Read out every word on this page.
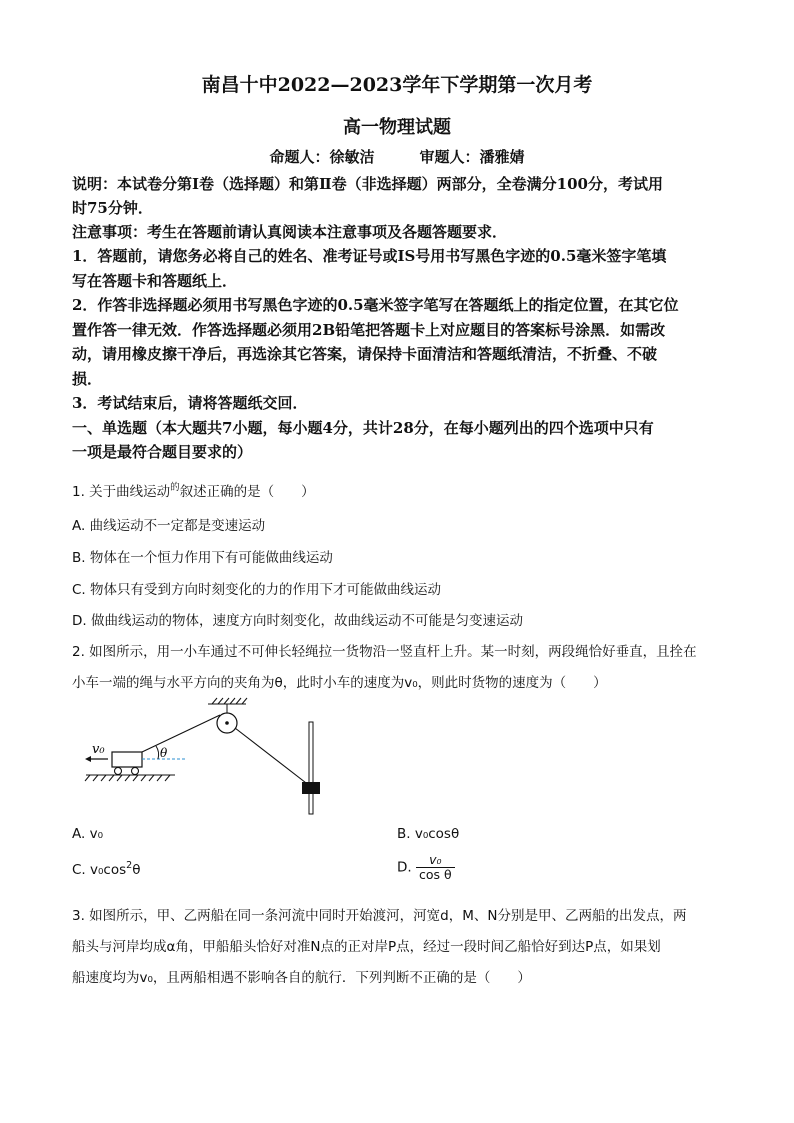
南昌十中2022—2023学年下学期第一次月考
高一物理试题
命题人：徐敏洁　　　审题人：潘雅婧
说明：本试卷分第Ⅰ卷（选择题）和第Ⅱ卷（非选择题）两部分，全卷满分100分，考试用
时75分钟．
注意事项：考生在答题前请认真阅读本注意事项及各题答题要求．
1．答题前，请您务必将自己的姓名、准考证号或IS号用书写黑色字迹的0.5毫米签字笔填
写在答题卡和答题纸上．
2．作答非选择题必须用书写黑色字迹的0.5毫米签字笔写在答题纸上的指定位置，在其它位
置作答一律无效．作答选择题必须用2B铅笔把答题卡上对应题目的答案标号涂黑．如需改
动，请用橡皮擦干净后，再选涂其它答案，请保持卡面清洁和答题纸清洁，不折叠、不破
损．
3．考试结束后，请将答题纸交回．
一、单选题（本大题共7小题，每小题4分，共计28分，在每小题列出的四个选项中只有
一项是最符合题目要求的）
1. 关于曲线运动$^的$叙述正确的是（　　）
A. 曲线运动不一定都是变速运动
B. 物体在一个恒力作用下有可能做曲线运动
C. 物体只有受到方向时刻变化的力的作用下才可能做曲线运动
D. 做曲线运动的物体，速度方向时刻变化，故曲线运动不可能是匀变速运动
2. 如图所示，用一小车通过不可伸长轻绳拉一货物沿一竖直杆上升。某一时刻，两段绳恰好垂直，且拴在
小车一端的绳与水平方向的夹角为θ，此时小车的速度为v₀，则此时货物的速度为（　　）
v₀	θ
A. v₀	B. v₀cosθ
C. $v_0\cos^2\theta$	D. $\frac{\text{v₀}}{\text{cos θ}}$
3. 如图所示，甲、乙两船在同一条河流中同时开始渡河，河宽d，M、N分别是甲、乙两船的出发点，两
船头与河岸均成α角，甲船船头恰好对准N点的正对岸P点，经过一段时间乙船恰好到达P点，如果划
船速度均为v₀，且两船相遇不影响各自的航行．下列判断不正确的是（　　）
